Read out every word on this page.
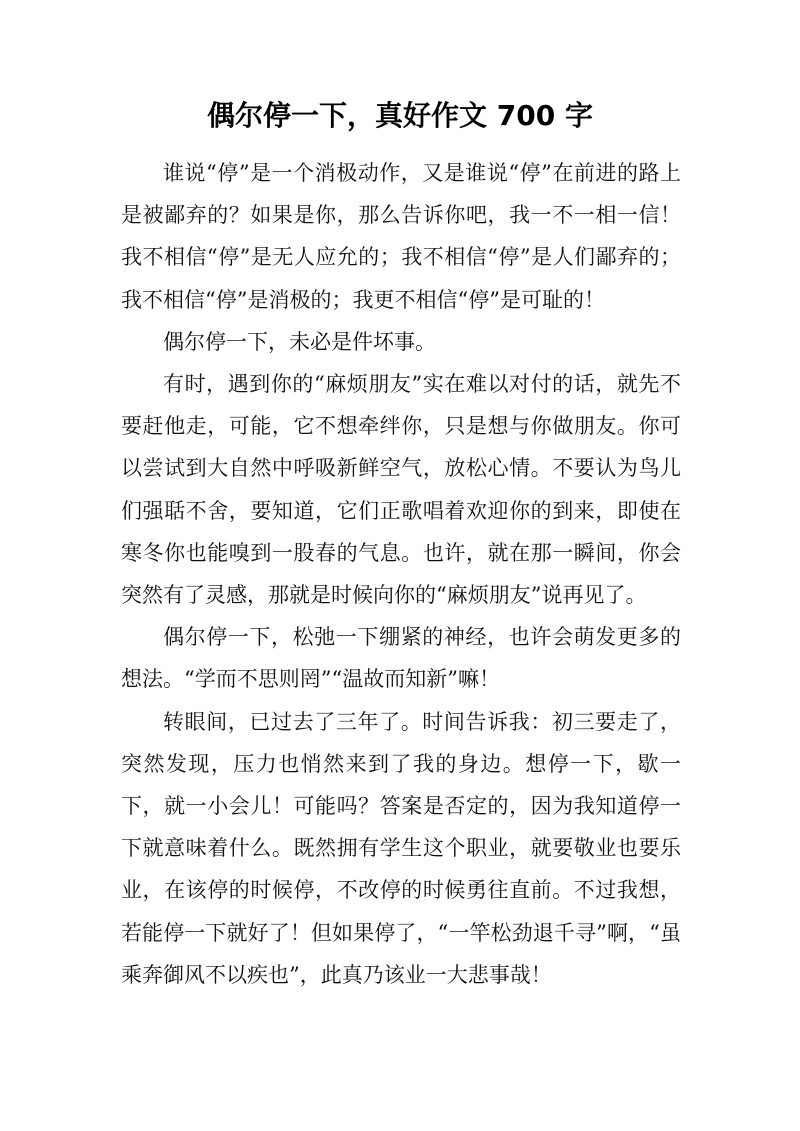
偶尔停一下，真好作文 700 字

谁说“停”是一个消极动作，又是谁说“停”在前进的路上是被鄙弃的？如果是你，那么告诉你吧，我一不一相一信！我不相信“停”是无人应允的；我不相信“停”是人们鄙弃的；我不相信“停”是消极的；我更不相信“停”是可耻的！

偶尔停一下，未必是件坏事。

有时，遇到你的“麻烦朋友”实在难以对付的话，就先不要赶他走，可能，它不想牵绊你，只是想与你做朋友。你可以尝试到大自然中呼吸新鲜空气，放松心情。不要认为鸟儿们强聒不舍，要知道，它们正歌唱着欢迎你的到来，即使在寒冬你也能嗅到一股春的气息。也许，就在那一瞬间，你会突然有了灵感，那就是时候向你的“麻烦朋友”说再见了。

偶尔停一下，松弛一下绷紧的神经，也许会萌发更多的想法。“学而不思则罔”“温故而知新”嘛！

转眼间，已过去了三年了。时间告诉我：初三要走了，突然发现，压力也悄然来到了我的身边。想停一下，歇一下，就一小会儿！可能吗？答案是否定的，因为我知道停一下就意味着什么。既然拥有学生这个职业，就要敬业也要乐业，在该停的时候停，不改停的时候勇往直前。不过我想，若能停一下就好了！但如果停了，“一竿松劲退千寻”啊，“虽乘奔御风不以疾也”，此真乃该业一大悲事哉！
